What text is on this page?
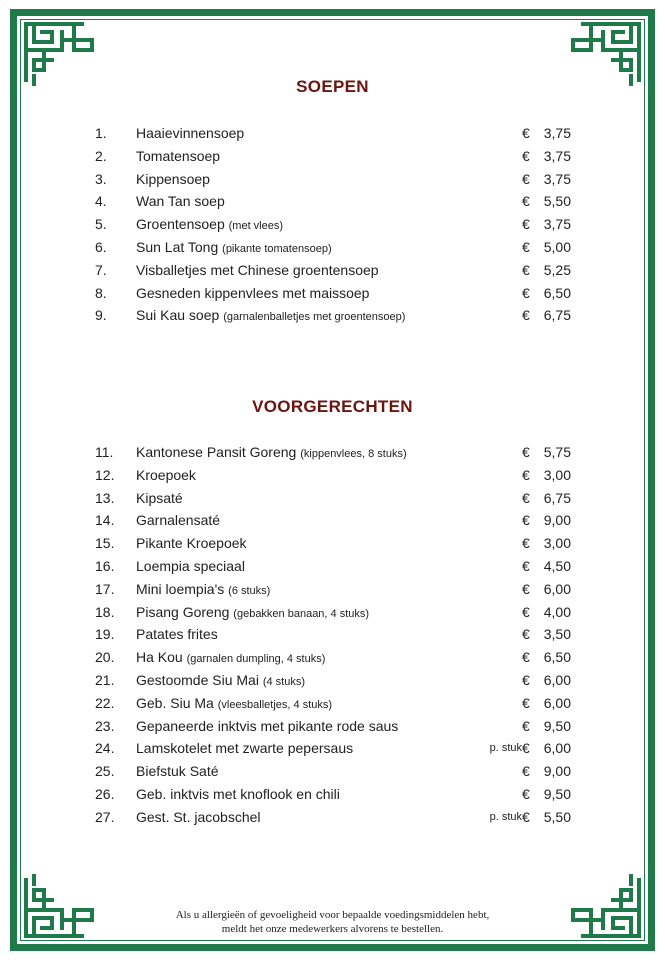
SOEPEN
1. Haaievinnensoep	€ 3,75
2. Tomatensoep	€ 3,75
3. Kippensoep	€ 3,75
4. Wan Tan soep	€ 5,50
5. Groentensoep (met vlees)	€ 3,75
6. Sun Lat Tong (pikante tomatensoep)	€ 5,00
7. Visballetjes met Chinese groentensoep	€ 5,25
8. Gesneden kippenvlees met maissoep	€ 6,50
9. Sui Kau soep (garnalenballetjes met groentensoep)	€ 6,75
VOORGERECHTEN
11. Kantonese Pansit Goreng (kippenvlees, 8 stuks)	€ 5,75
12. Kroepoek	€ 3,00
13. Kipsaté	€ 6,75
14. Garnalensaté	€ 9,00
15. Pikante Kroepoek	€ 3,00
16. Loempia speciaal	€ 4,50
17. Mini loempia's (6 stuks)	€ 6,00
18. Pisang Goreng (gebakken banaan, 4 stuks)	€ 4,00
19. Patates frites	€ 3,50
20. Ha Kou (garnalen dumpling, 4 stuks)	€ 6,50
21. Gestoomde Siu Mai (4 stuks)	€ 6,00
22. Geb. Siu Ma (vleesballetjes, 4 stuks)	€ 6,00
23. Gepaneerde inktvis met pikante rode saus	€ 9,50
24. Lamskotelet met zwarte pepersaus	p. stuk € 6,00
25. Biefstuk Saté	€ 9,00
26. Geb. inktvis met knoflook en chili	€ 9,50
27. Gest. St. jacobschel	p. stuk € 5,50
Als u allergieën of gevoeligheid voor bepaalde voedingsmiddelen hebt,
meldt het onze medewerkers alvorens te bestellen.
